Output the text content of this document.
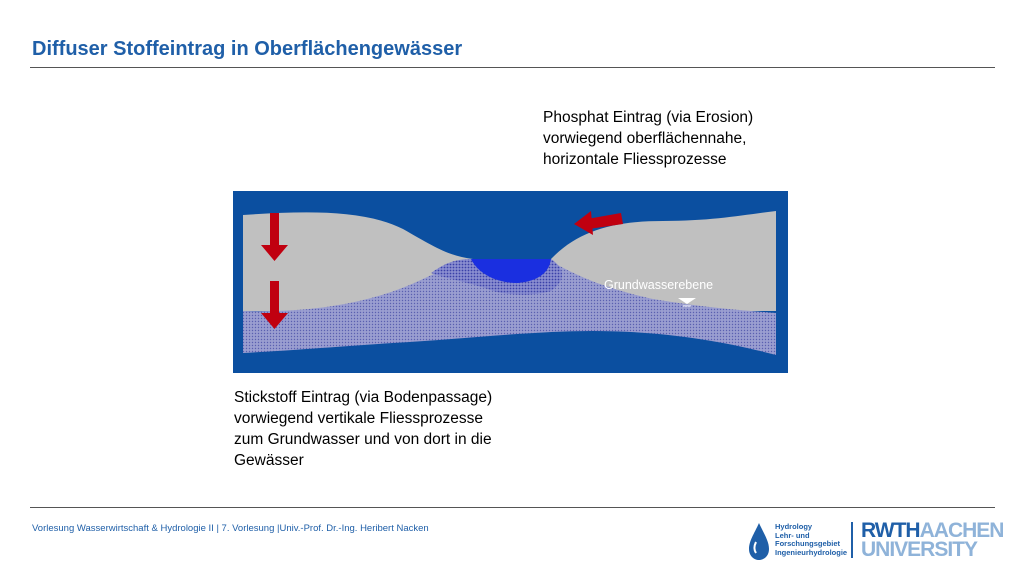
Diffuser Stoffeintrag in Oberflächengewässer
Phosphat Eintrag (via Erosion)
vorwiegend oberflächennahe,
horizontale Fliessprozesse
Grundwasserebene
Stickstoff Eintrag (via Bodenpassage)
vorwiegend vertikale Fliessprozesse
zum Grundwasser und von dort in die
Gewässer
Vorlesung Wasserwirtschaft & Hydrologie II | 7. Vorlesung |Univ.-Prof. Dr.-Ing. Heribert Nacken	Hydrology
Lehr- und
Forschungsgebiet
Ingenieurhydrologie
RWTHAACHEN
UNIVERSITY
